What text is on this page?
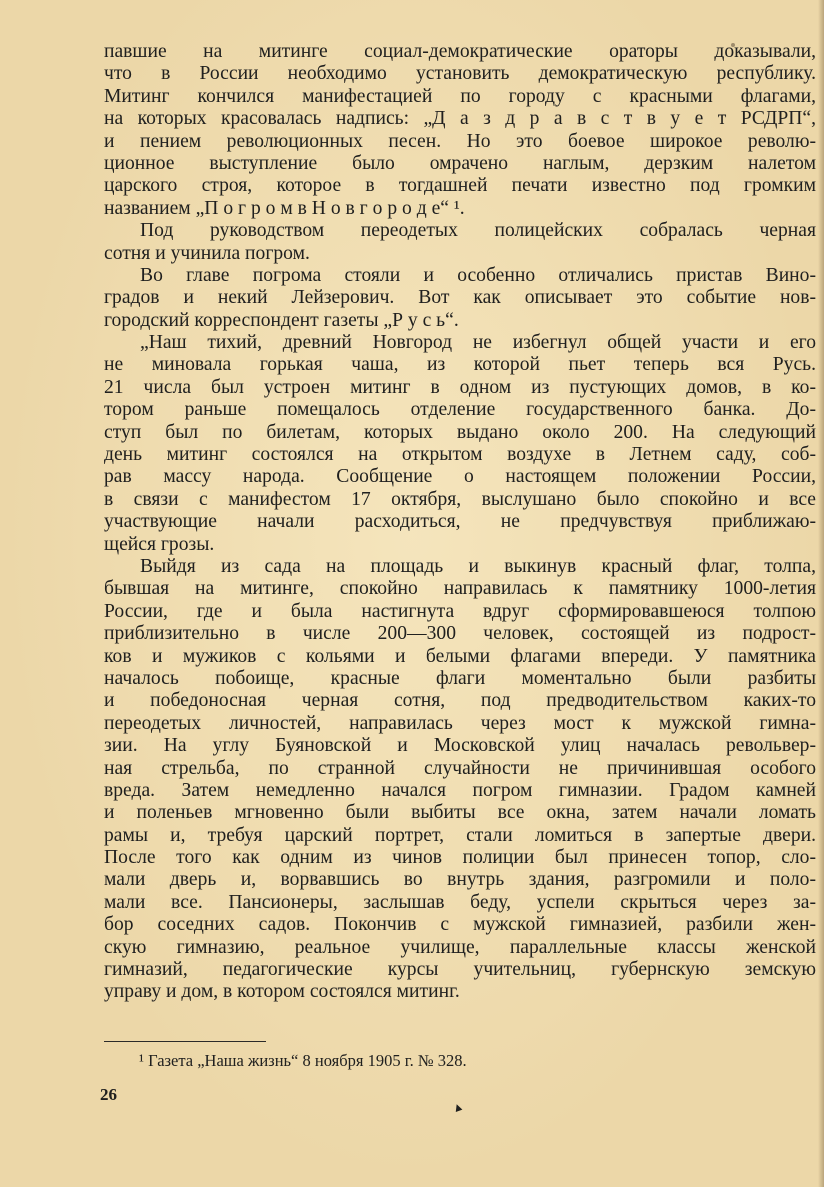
павшие на митинге социал-демократические ораторы доказывали,
что в России необходимо установить демократическую республику.
Митинг кончился манифестацией по городу с красными флагами,
на которых красовалась надпись: „Д а з д р а в с т в у е т РСДРП“,
и пением революционных песен. Но это боевое широкое револю-
ционное выступление было омрачено наглым, дерзким налетом
царского строя, которое в тогдашней печати известно под громким
названием „П о г р о м в Н о в г о р о д е“ ¹.
Под руководством переодетых полицейских собралась черная
сотня и учинила погром.
Во главе погрома стояли и особенно отличались пристав Вино-
градов и некий Лейзерович. Вот как описывает это событие нов-
городский корреспондент газеты „Р у с ь“.
„Наш тихий, древний Новгород не избегнул общей участи и его
не миновала горькая чаша, из которой пьет теперь вся Русь.
21 числа был устроен митинг в одном из пустующих домов, в ко-
тором раньше помещалось отделение государственного банка. До-
ступ был по билетам, которых выдано около 200. На следующий
день митинг состоялся на открытом воздухе в Летнем саду, соб-
рав массу народа. Сообщение о настоящем положении России,
в связи с манифестом 17 октября, выслушано было спокойно и все
участвующие начали расходиться, не предчувствуя приближаю-
щейся грозы.
Выйдя из сада на площадь и выкинув красный флаг, толпа,
бывшая на митинге, спокойно направилась к памятнику 1000-летия
России, где и была настигнута вдруг сформировавшеюся толпою
приблизительно в числе 200—300 человек, состоящей из подрост-
ков и мужиков с кольями и белыми флагами впереди. У памятника
началось побоище, красные флаги моментально были разбиты
и победоносная черная сотня, под предводительством каких-то
переодетых личностей, направилась через мост к мужской гимна-
зии. На углу Буяновской и Московской улиц началась револьвер-
ная стрельба, по странной случайности не причинившая особого
вреда. Затем немедленно начался погром гимназии. Градом камней
и поленьев мгновенно были выбиты все окна, затем начали ломать
рамы и, требуя царский портрет, стали ломиться в запертые двери.
После того как одним из чинов полиции был принесен топор, сло-
мали дверь и, ворвавшись во внутрь здания, разгромили и поло-
мали все. Пансионеры, заслышав беду, успели скрыться через за-
бор соседних садов. Покончив с мужской гимназией, разбили жен-
скую гимназию, реальное училище, параллельные классы женской
гимназий, педагогические курсы учительниц, губернскую земскую
управу и дом, в котором состоялся митинг.
¹ Газета „Наша жизнь“ 8 ноября 1905 г. № 328.
26
▲
